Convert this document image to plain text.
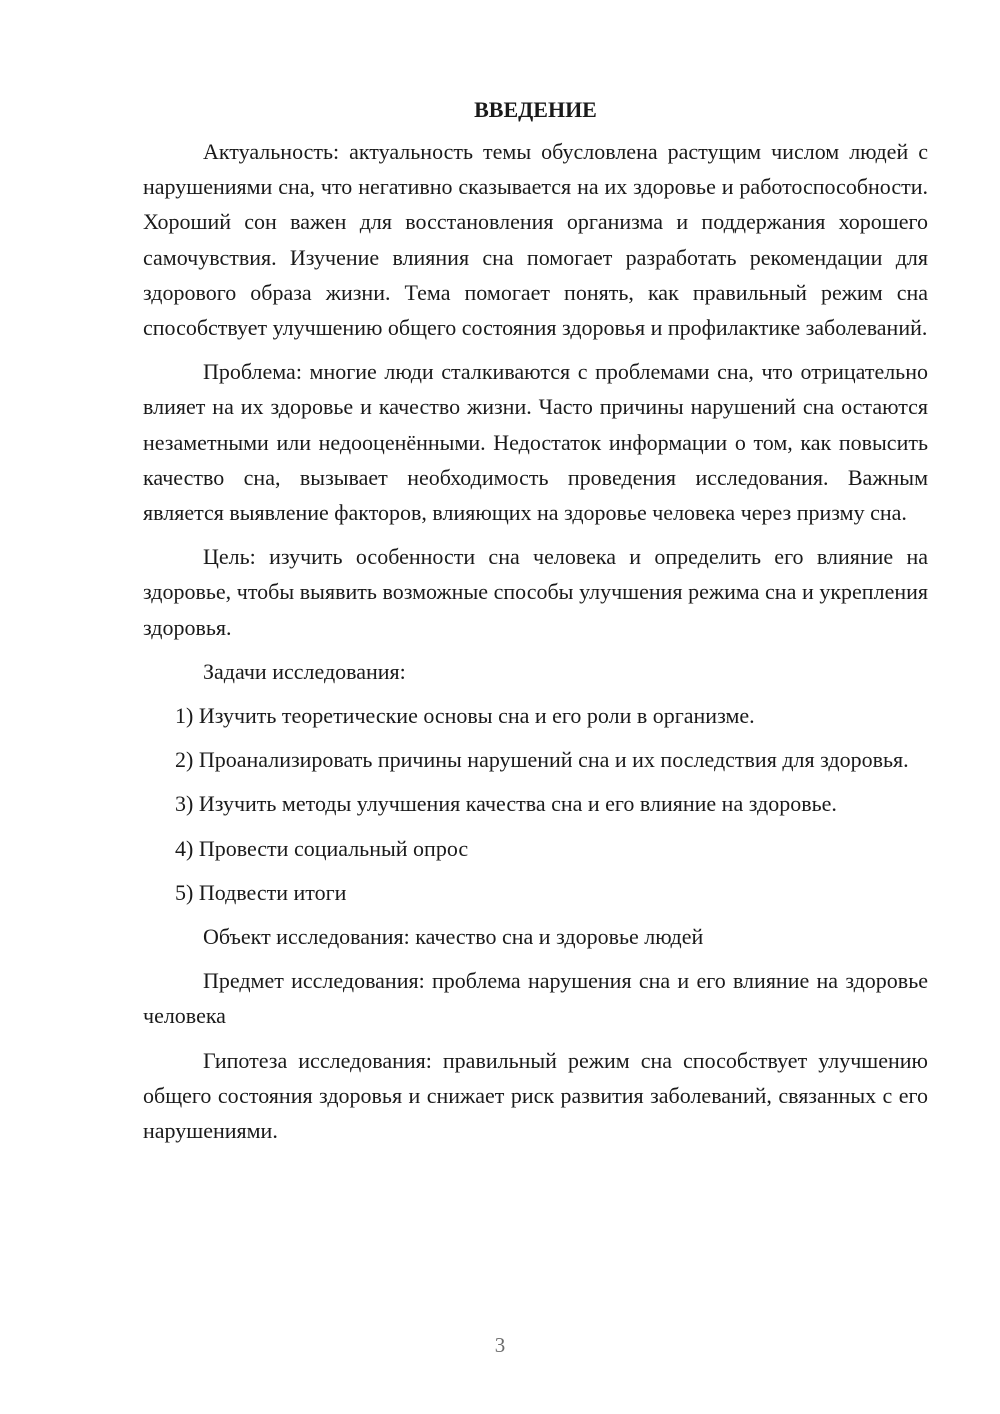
ВВЕДЕНИЕ

Актуальность: актуальность темы обусловлена растущим числом людей с нарушениями сна, что негативно сказывается на их здоровье и работоспособности. Хороший сон важен для восстановления организма и поддержания хорошего самочувствия. Изучение влияния сна помогает разработать рекомендации для здорового образа жизни. Тема помогает понять, как правильный режим сна способствует улучшению общего состояния здоровья и профилактике заболеваний.

Проблема: многие люди сталкиваются с проблемами сна, что отрицательно влияет на их здоровье и качество жизни. Часто причины нарушений сна остаются незаметными или недооценёнными. Недостаток информации о том, как повысить качество сна, вызывает необходимость проведения исследования. Важным является выявление факторов, влияющих на здоровье человека через призму сна.

Цель: изучить особенности сна человека и определить его влияние на здоровье, чтобы выявить возможные способы улучшения режима сна и укрепления здоровья.

Задачи исследования:

1) Изучить теоретические основы сна и его роли в организме.

2) Проанализировать причины нарушений сна и их последствия для здоровья.

3) Изучить методы улучшения качества сна и его влияние на здоровье.

4) Провести социальный опрос

5) Подвести итоги

Объект исследования: качество сна и здоровье людей

Предмет исследования: проблема нарушения сна и его влияние на здоровье человека

Гипотеза исследования: правильный режим сна способствует улучшению общего состояния здоровья и снижает риск развития заболеваний, связанных с его нарушениями.

3
